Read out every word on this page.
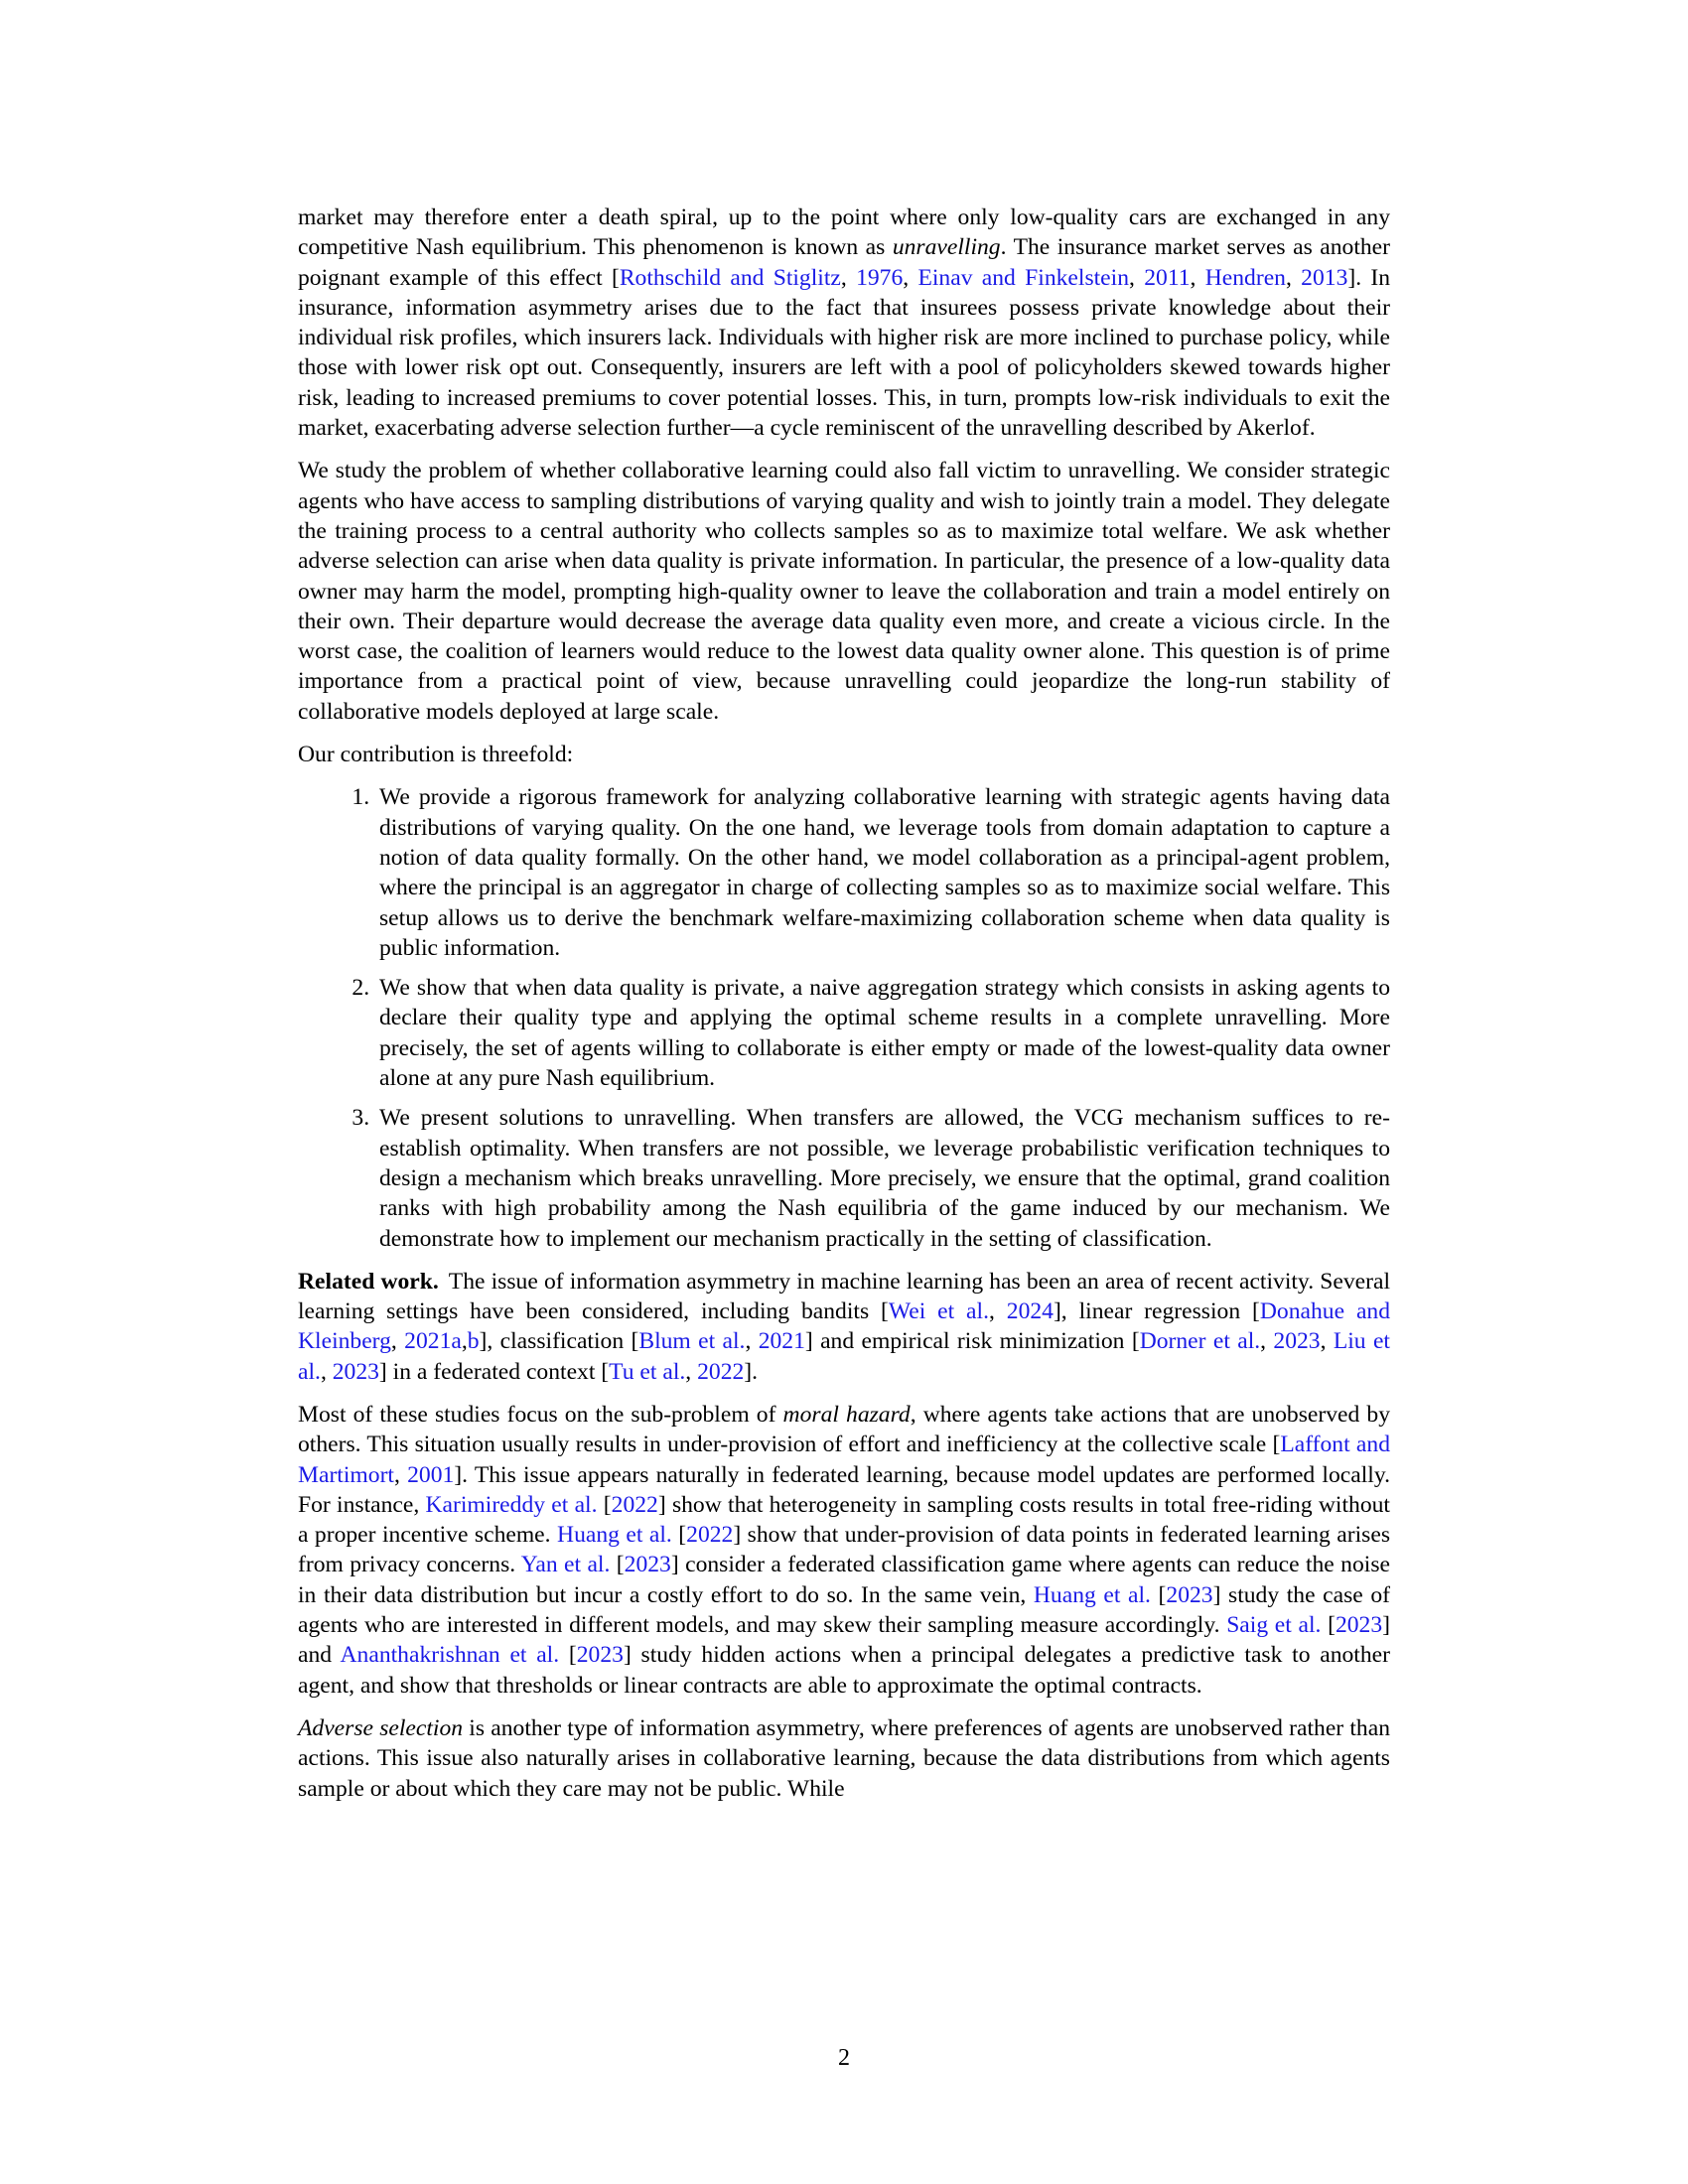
market may therefore enter a death spiral, up to the point where only low-quality cars are exchanged in any competitive Nash equilibrium. This phenomenon is known as unravelling. The insurance market serves as another poignant example of this effect [Rothschild and Stiglitz, 1976, Einav and Finkelstein, 2011, Hendren, 2013]. In insurance, information asymmetry arises due to the fact that insurees possess private knowledge about their individual risk profiles, which insurers lack. Individuals with higher risk are more inclined to purchase policy, while those with lower risk opt out. Consequently, insurers are left with a pool of policyholders skewed towards higher risk, leading to increased premiums to cover potential losses. This, in turn, prompts low-risk individuals to exit the market, exacerbating adverse selection further—a cycle reminiscent of the unravelling described by Akerlof.

We study the problem of whether collaborative learning could also fall victim to unravelling. We consider strategic agents who have access to sampling distributions of varying quality and wish to jointly train a model. They delegate the training process to a central authority who collects samples so as to maximize total welfare. We ask whether adverse selection can arise when data quality is private information. In particular, the presence of a low-quality data owner may harm the model, prompting high-quality owner to leave the collaboration and train a model entirely on their own. Their departure would decrease the average data quality even more, and create a vicious circle. In the worst case, the coalition of learners would reduce to the lowest data quality owner alone. This question is of prime importance from a practical point of view, because unravelling could jeopardize the long-run stability of collaborative models deployed at large scale.

Our contribution is threefold:

1. We provide a rigorous framework for analyzing collaborative learning with strategic agents having data distributions of varying quality. On the one hand, we leverage tools from domain adaptation to capture a notion of data quality formally. On the other hand, we model collaboration as a principal-agent problem, where the principal is an aggregator in charge of collecting samples so as to maximize social welfare. This setup allows us to derive the benchmark welfare-maximizing collaboration scheme when data quality is public information.
2. We show that when data quality is private, a naive aggregation strategy which consists in asking agents to declare their quality type and applying the optimal scheme results in a complete unravelling. More precisely, the set of agents willing to collaborate is either empty or made of the lowest-quality data owner alone at any pure Nash equilibrium.
3. We present solutions to unravelling. When transfers are allowed, the VCG mechanism suffices to re-establish optimality. When transfers are not possible, we leverage probabilistic verification techniques to design a mechanism which breaks unravelling. More precisely, we ensure that the optimal, grand coalition ranks with high probability among the Nash equilibria of the game induced by our mechanism. We demonstrate how to implement our mechanism practically in the setting of classification.

Related work. The issue of information asymmetry in machine learning has been an area of recent activity. Several learning settings have been considered, including bandits [Wei et al., 2024], linear regression [Donahue and Kleinberg, 2021a,b], classification [Blum et al., 2021] and empirical risk minimization [Dorner et al., 2023, Liu et al., 2023] in a federated context [Tu et al., 2022].

Most of these studies focus on the sub-problem of moral hazard, where agents take actions that are unobserved by others. This situation usually results in under-provision of effort and inefficiency at the collective scale [Laffont and Martimort, 2001]. This issue appears naturally in federated learning, because model updates are performed locally. For instance, Karimireddy et al. [2022] show that heterogeneity in sampling costs results in total free-riding without a proper incentive scheme. Huang et al. [2022] show that under-provision of data points in federated learning arises from privacy concerns. Yan et al. [2023] consider a federated classification game where agents can reduce the noise in their data distribution but incur a costly effort to do so. In the same vein, Huang et al. [2023] study the case of agents who are interested in different models, and may skew their sampling measure accordingly. Saig et al. [2023] and Ananthakrishnan et al. [2023] study hidden actions when a principal delegates a predictive task to another agent, and show that thresholds or linear contracts are able to approximate the optimal contracts.

Adverse selection is another type of information asymmetry, where preferences of agents are unobserved rather than actions. This issue also naturally arises in collaborative learning, because the data distributions from which agents sample or about which they care may not be public. While

2
